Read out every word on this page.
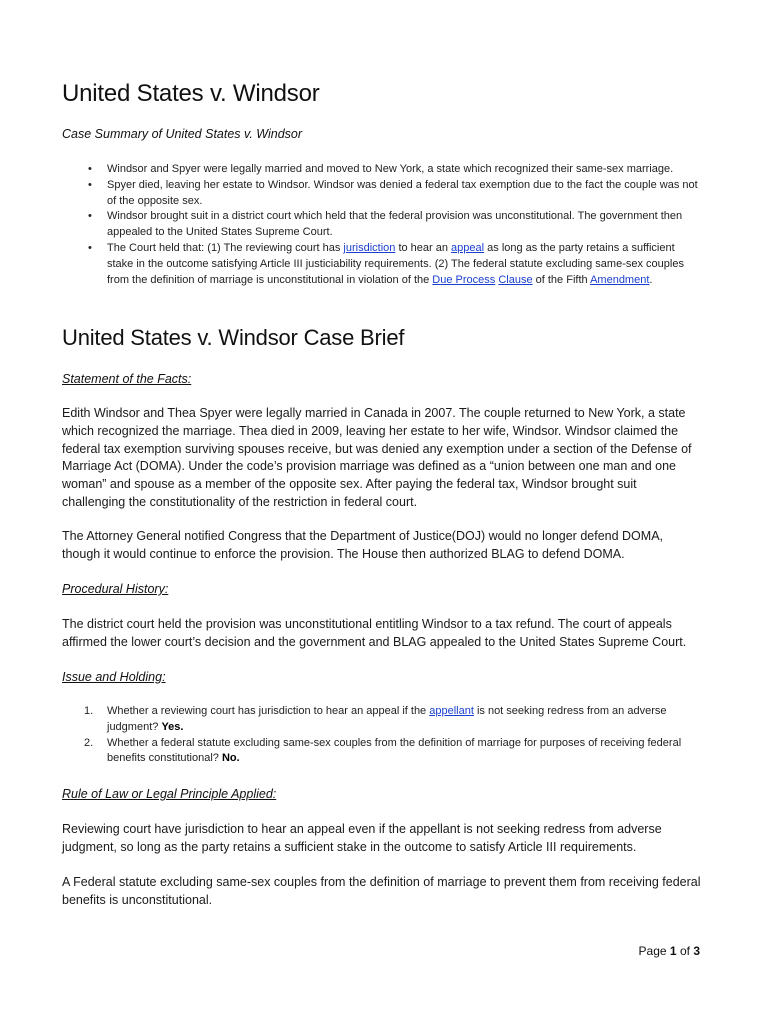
United States v. Windsor

Case Summary of United States v. Windsor

• Windsor and Spyer were legally married and moved to New York, a state which recognized their same-sex marriage.
• Spyer died, leaving her estate to Windsor. Windsor was denied a federal tax exemption due to the fact the couple was not of the opposite sex.
• Windsor brought suit in a district court which held that the federal provision was unconstitutional. The government then appealed to the United States Supreme Court.
• The Court held that: (1) The reviewing court has jurisdiction to hear an appeal as long as the party retains a sufficient stake in the outcome satisfying Article III justiciability requirements. (2) The federal statute excluding same-sex couples from the definition of marriage is unconstitutional in violation of the Due Process Clause of the Fifth Amendment.
United States v. Windsor Case Brief

Statement of the Facts:

Edith Windsor and Thea Spyer were legally married in Canada in 2007. The couple returned to New York, a state which recognized the marriage. Thea died in 2009, leaving her estate to her wife, Windsor. Windsor claimed the federal tax exemption surviving spouses receive, but was denied any exemption under a section of the Defense of Marriage Act (DOMA). Under the code’s provision marriage was defined as a “union between one man and one woman” and spouse as a member of the opposite sex. After paying the federal tax, Windsor brought suit challenging the constitutionality of the restriction in federal court.

The Attorney General notified Congress that the Department of Justice(DOJ) would no longer defend DOMA, though it would continue to enforce the provision. The House then authorized BLAG to defend DOMA.

Procedural History:

The district court held the provision was unconstitutional entitling Windsor to a tax refund. The court of appeals affirmed the lower court’s decision and the government and BLAG appealed to the United States Supreme Court.

Issue and Holding:

1. Whether a reviewing court has jurisdiction to hear an appeal if the appellant is not seeking redress from an adverse judgment? Yes.
2. Whether a federal statute excluding same-sex couples from the definition of marriage for purposes of receiving federal benefits constitutional? No.

Rule of Law or Legal Principle Applied:

Reviewing court have jurisdiction to hear an appeal even if the appellant is not seeking redress from adverse judgment, so long as the party retains a sufficient stake in the outcome to satisfy Article III requirements.

A Federal statute excluding same-sex couples from the definition of marriage to prevent them from receiving federal benefits is unconstitutional.

Page 1 of 3
